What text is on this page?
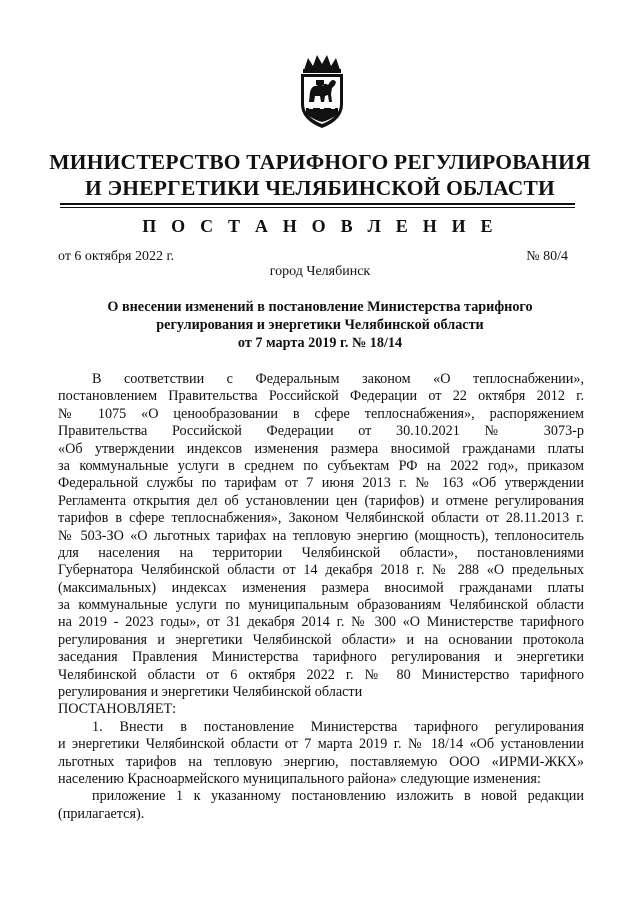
МИНИСТЕРСТВО ТАРИФНОГО РЕГУЛИРОВАНИЯ
И ЭНЕРГЕТИКИ ЧЕЛЯБИНСКОЙ ОБЛАСТИ
П О С Т А Н О В Л Е Н И Е
от 6 октября 2022 г.	№ 80/4
город Челябинск
О внесении изменений в постановление Министерства тарифного
регулирования и энергетики Челябинской области
от 7 марта 2019 г. № 18/14
В соответствии с Федеральным законом «О теплоснабжении»,
постановлением Правительства Российской Федерации от 22 октября 2012 г.
№ 1075 «О ценообразовании в сфере теплоснабжения», распоряжением
Правительства Российской Федерации от 30.10.2021 № 3073-р
«Об утверждении индексов изменения размера вносимой гражданами платы
за коммунальные услуги в среднем по субъектам РФ на 2022 год», приказом
Федеральной службы по тарифам от 7 июня 2013 г. № 163 «Об утверждении
Регламента открытия дел об установлении цен (тарифов) и отмене регулирования
тарифов в сфере теплоснабжения», Законом Челябинской области от 28.11.2013 г.
№ 503-ЗО «О льготных тарифах на тепловую энергию (мощность), теплоноситель
для населения на территории Челябинской области», постановлениями
Губернатора Челябинской области от 14 декабря 2018 г. № 288 «О предельных
(максимальных) индексах изменения размера вносимой гражданами платы
за коммунальные услуги по муниципальным образованиям Челябинской области
на 2019 - 2023 годы», от 31 декабря 2014 г. № 300 «О Министерстве тарифного
регулирования и энергетики Челябинской области» и на основании протокола
заседания Правления Министерства тарифного регулирования и энергетики
Челябинской области от 6 октября 2022 г. № 80 Министерство тарифного
регулирования и энергетики Челябинской области
ПОСТАНОВЛЯЕТ:
1. Внести в постановление Министерства тарифного регулирования
и энергетики Челябинской области от 7 марта 2019 г. № 18/14 «Об установлении
льготных тарифов на тепловую энергию, поставляемую ООО «ИРМИ-ЖКХ»
населению Красноармейского муниципального района» следующие изменения:
приложение 1 к указанному постановлению изложить в новой редакции
(прилагается).
